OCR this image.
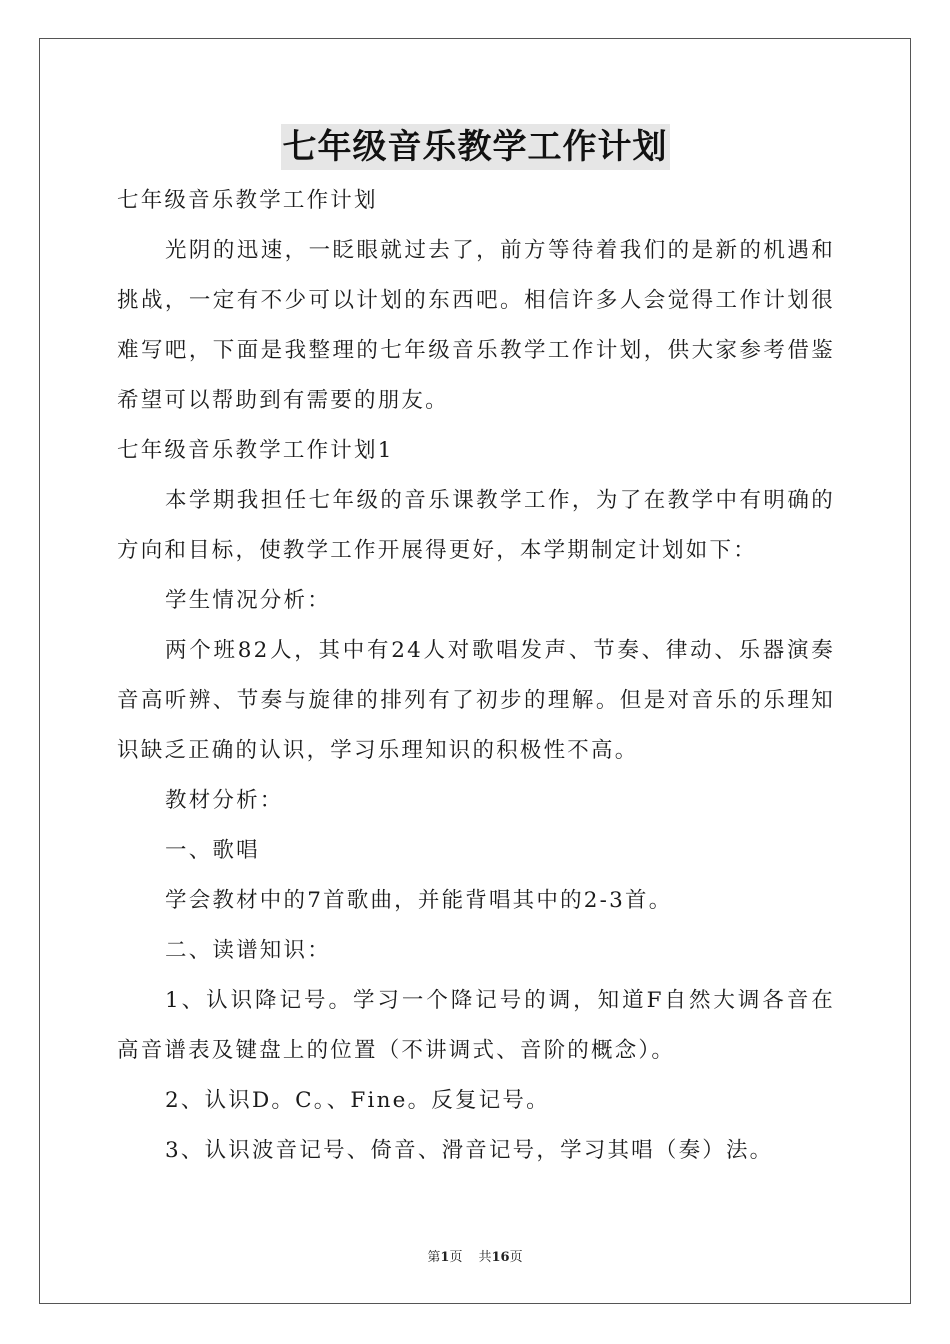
七年级音乐教学工作计划

七年级音乐教学工作计划

光阴的迅速，一眨眼就过去了，前方等待着我们的是新的机遇和挑战，一定有不少可以计划的东西吧。相信许多人会觉得工作计划很难写吧，下面是我整理的七年级音乐教学工作计划，供大家参考借鉴希望可以帮助到有需要的朋友。

七年级音乐教学工作计划1

本学期我担任七年级的音乐课教学工作，为了在教学中有明确的方向和目标，使教学工作开展得更好，本学期制定计划如下：

学生情况分析：

两个班82人，其中有24人对歌唱发声、节奏、律动、乐器演奏音高听辨、节奏与旋律的排列有了初步的理解。但是对音乐的乐理知识缺乏正确的认识，学习乐理知识的积极性不高。

教材分析：

一、歌唱

学会教材中的7首歌曲，并能背唱其中的2-3首。

二、读谱知识：

1、认识降记号。学习一个降记号的调，知道F自然大调各音在高音谱表及键盘上的位置（不讲调式、音阶的概念）。

2、认识D。C。、Fine。反复记号。

3、认识波音记号、倚音、滑音记号，学习其唱（奏）法。

第1页 共16页
